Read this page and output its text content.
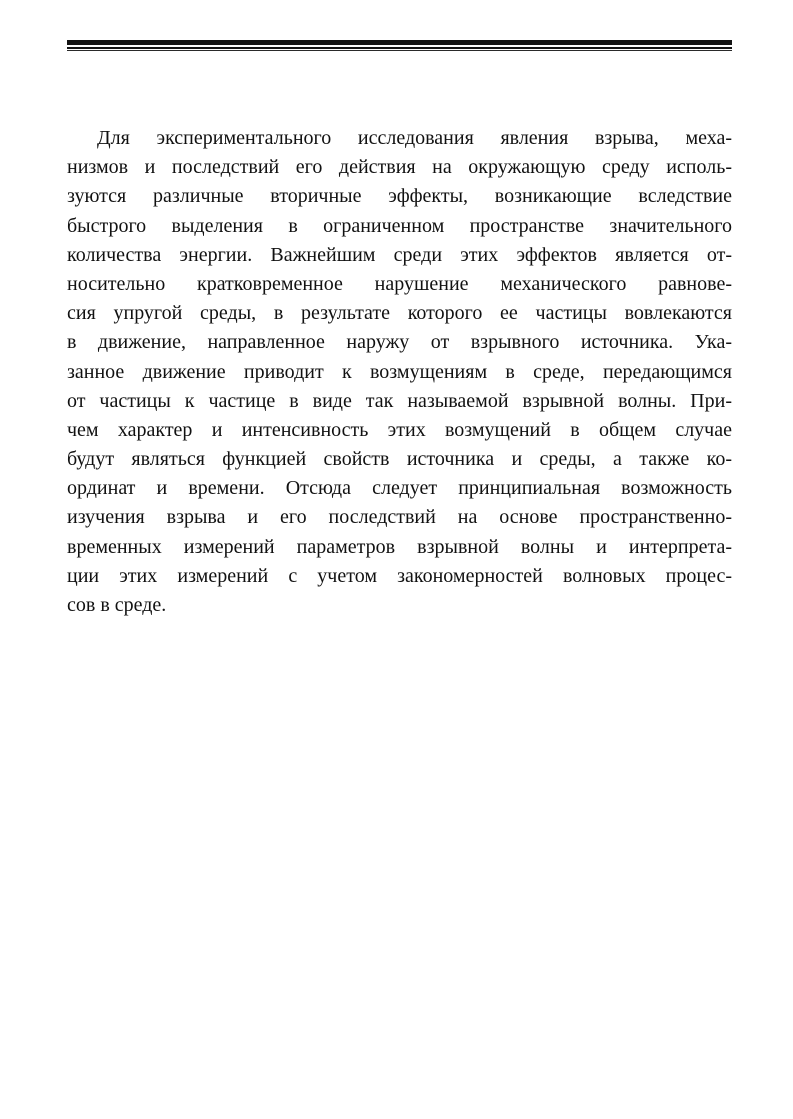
Для экспериментального исследования явления взрыва, меха-
низмов и последствий его действия на окружающую среду исполь-
зуются различные вторичные эффекты, возникающие вследствие
быстрого выделения в ограниченном пространстве значительного
количества энергии. Важнейшим среди этих эффектов является от-
носительно кратковременное нарушение механического равнове-
сия упругой среды, в результате которого ее частицы вовлекаются
в движение, направленное наружу от взрывного источника. Ука-
занное движение приводит к возмущениям в среде, передающимся
от частицы к частице в виде так называемой взрывной волны. При-
чем характер и интенсивность этих возмущений в общем случае
будут являться функцией свойств источника и среды, а также ко-
ординат и времени. Отсюда следует принципиальная возможность
изучения взрыва и его последствий на основе пространственно-
временных измерений параметров взрывной волны и интерпрета-
ции этих измерений с учетом закономерностей волновых процес-
сов в среде.
